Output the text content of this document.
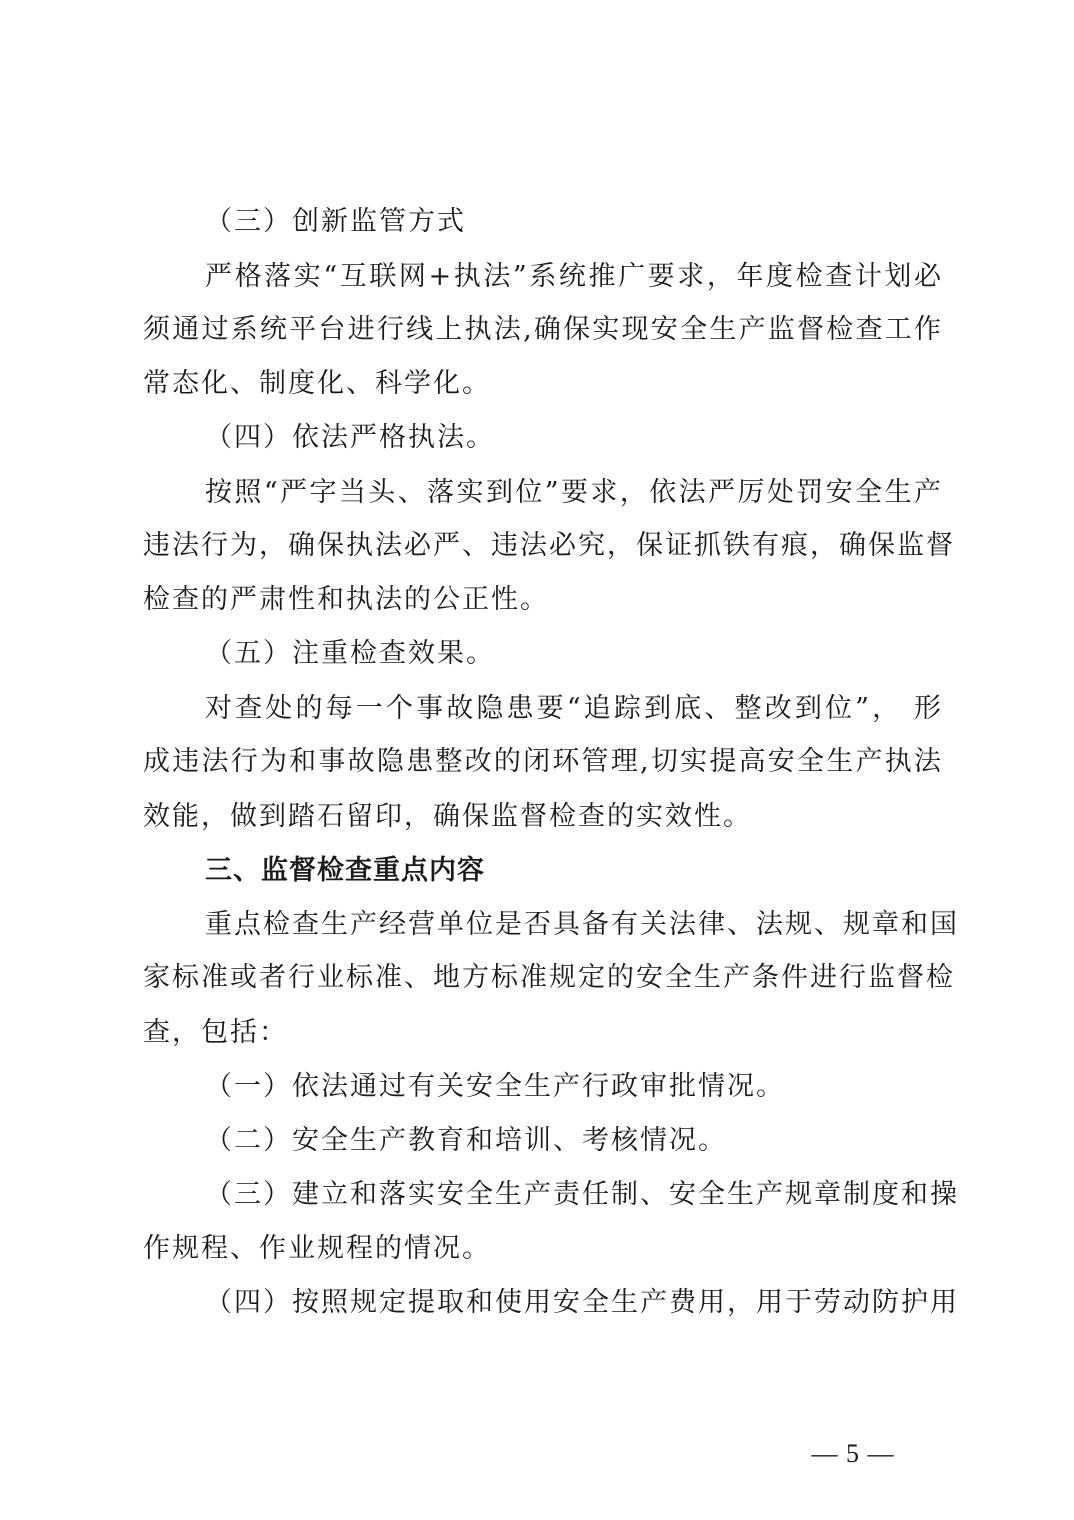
（三）创新监管方式
严格落实“互联网+执法”系统推广要求，年度检查计划必
须通过系统平台进行线上执法,确保实现安全生产监督检查工作
常态化、制度化、科学化。
（四）依法严格执法。
按照“严字当头、落实到位”要求，依法严厉处罚安全生产
违法行为，确保执法必严、违法必究，保证抓铁有痕，确保监督
检查的严肃性和执法的公正性。
（五）注重检查效果。
对查处的每一个事故隐患要“追踪到底、整改到位”， 形
成违法行为和事故隐患整改的闭环管理,切实提高安全生产执法
效能，做到踏石留印，确保监督检查的实效性。
三、监督检查重点内容
重点检查生产经营单位是否具备有关法律、法规、规章和国
家标准或者行业标准、地方标准规定的安全生产条件进行监督检
查，包括：
（一）依法通过有关安全生产行政审批情况。
（二）安全生产教育和培训、考核情况。
（三）建立和落实安全生产责任制、安全生产规章制度和操
作规程、作业规程的情况。
（四）按照规定提取和使用安全生产费用，用于劳动防护用
— 5 —
